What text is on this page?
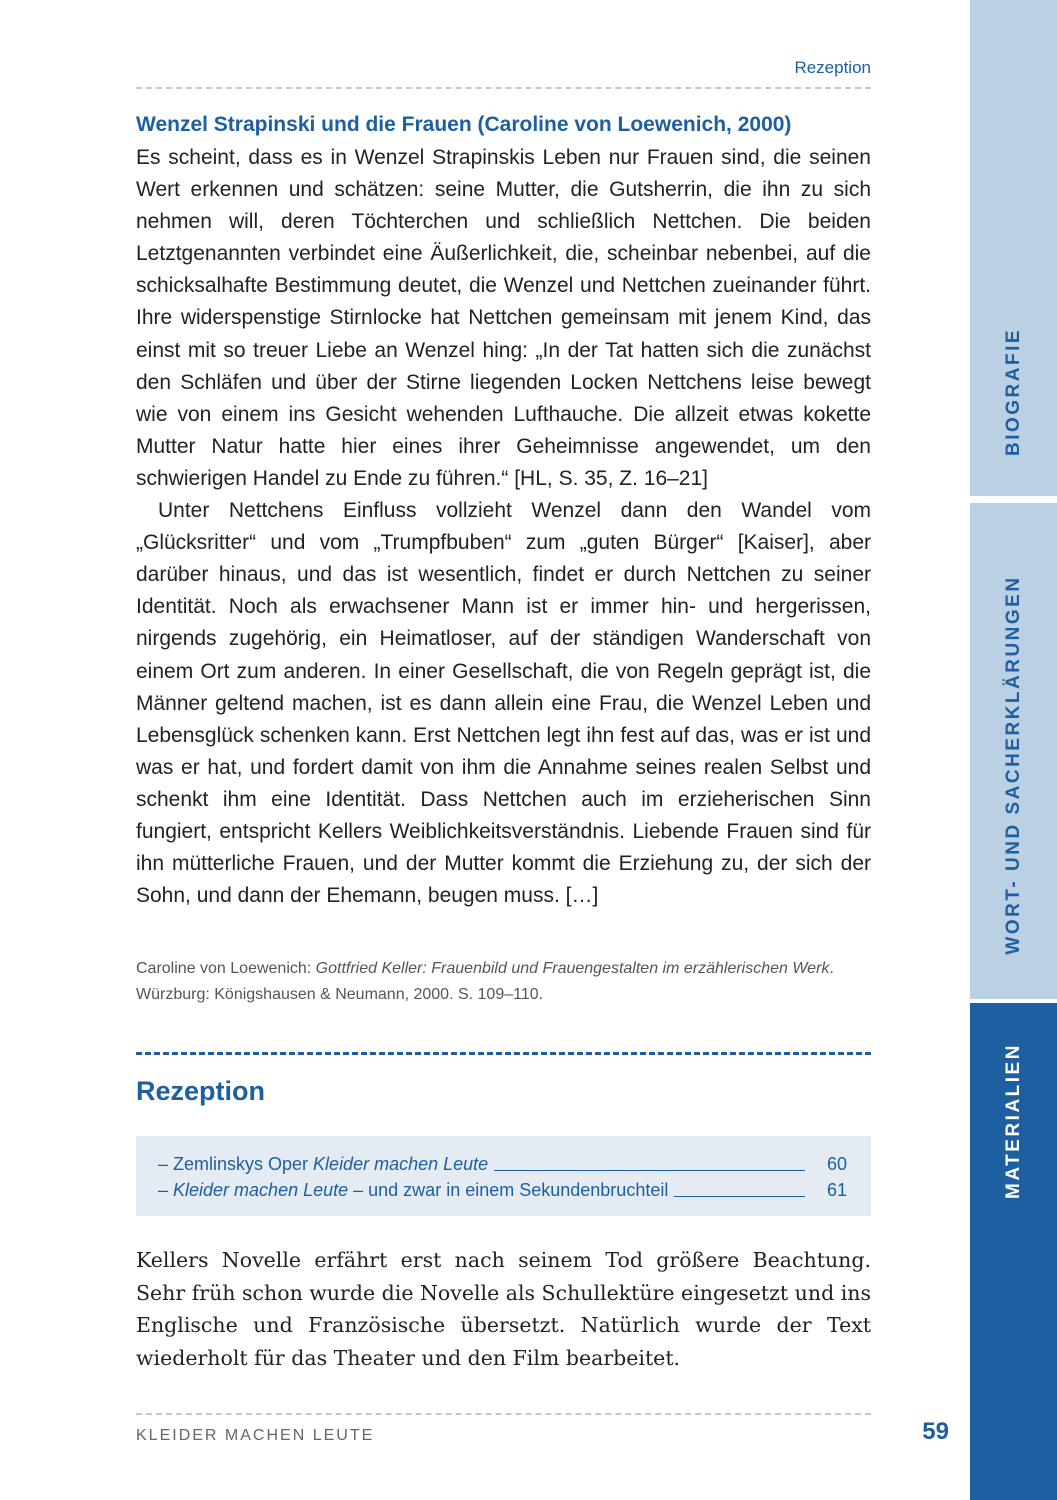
Rezeption
Wenzel Strapinski und die Frauen (Caroline von Loewenich, 2000)

Es scheint, dass es in Wenzel Strapinskis Leben nur Frauen sind, die seinen Wert erkennen und schätzen: seine Mutter, die Gutsherrin, die ihn zu sich nehmen will, deren Töchterchen und schließlich Nettchen. Die beiden Letztgenannten verbindet eine Äußerlichkeit, die, scheinbar nebenbei, auf die schicksalhafte Bestimmung deutet, die Wenzel und Nettchen zueinander führt. Ihre widerspenstige Stirnlocke hat Nettchen gemeinsam mit jenem Kind, das einst mit so treuer Liebe an Wenzel hing: „In der Tat hatten sich die zunächst den Schläfen und über der Stirne liegenden Locken Nettchens leise bewegt wie von einem ins Gesicht wehenden Lufthauche. Die allzeit etwas kokette Mutter Natur hatte hier eines ihrer Geheimnisse angewendet, um den schwierigen Handel zu Ende zu führen.“ [HL, S. 35, Z. 16–21]

Unter Nettchens Einfluss vollzieht Wenzel dann den Wandel vom „Glücksritter“ und vom „Trumpfbuben“ zum „guten Bürger“ [Kaiser], aber darüber hinaus, und das ist wesentlich, findet er durch Nettchen zu seiner Identität. Noch als erwachsener Mann ist er immer hin- und hergerissen, nirgends zugehörig, ein Heimatloser, auf der ständigen Wanderschaft von einem Ort zum anderen. In einer Gesellschaft, die von Regeln geprägt ist, die Männer geltend machen, ist es dann allein eine Frau, die Wenzel Leben und Lebensglück schenken kann. Erst Nettchen legt ihn fest auf das, was er ist und was er hat, und fordert damit von ihm die Annahme seines realen Selbst und schenkt ihm eine Identität. Dass Nettchen auch im erzieherischen Sinn fungiert, entspricht Kellers Weiblichkeitsverständnis. Liebende Frauen sind für ihn mütterliche Frauen, und der Mutter kommt die Erziehung zu, der sich der Sohn, und dann der Ehemann, beugen muss. […]

Caroline von Loewenich: Gottfried Keller: Frauenbild und Frauengestalten im erzählerischen Werk. Würzburg: Königshausen & Neumann, 2000. S. 109–110.
Rezeption
– Zemlinskys Oper Kleider machen Leute	60
– Kleider machen Leute – und zwar in einem Sekundenbruchteil	61
Kellers Novelle erfährt erst nach seinem Tod größere Beachtung. Sehr früh schon wurde die Novelle als Schullektüre eingesetzt und ins Englische und Französische übersetzt. Natürlich wurde der Text wiederholt für das Theater und den Film bearbeitet.
KLEIDER MACHEN LEUTE	59
BIOGRAFIE
WORT- UND SACHERKLÄRUNGEN
MATERIALIEN
